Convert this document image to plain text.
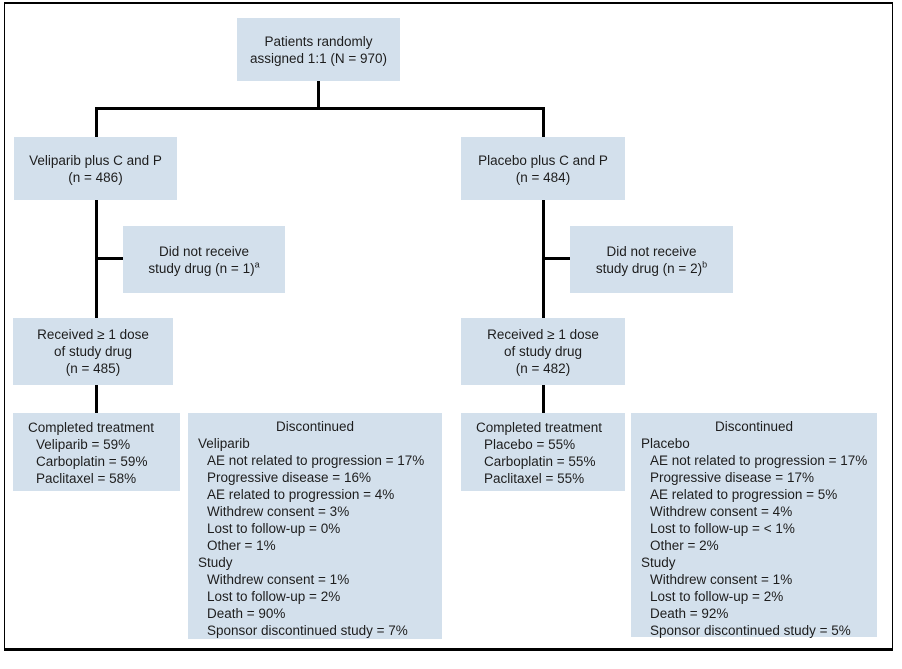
Patients randomly
assigned 1:1 (N = 970)
Veliparib plus C and P
(n = 486)
Placebo plus C and P
(n = 484)
Did not receive
study drug (n = 1)$^a$
Did not receive
study drug (n = 2)$^b$
Received ≥ 1 dose
of study drug
(n = 485)
Received ≥ 1 dose
of study drug
(n = 482)
Completed treatment
Veliparib = 59%
Carboplatin = 59%
Paclitaxel = 58%
Discontinued
Veliparib
AE not related to progression = 17%
Progressive disease = 16%
AE related to progression = 4%
Withdrew consent = 3%
Lost to follow-up = 0%
Other = 1%
Study
Withdrew consent = 1%
Lost to follow-up = 2%
Death = 90%
Sponsor discontinued study = 7%
Completed treatment
Placebo = 55%
Carboplatin = 55%
Paclitaxel = 55%
Discontinued
Placebo
AE not related to progression = 17%
Progressive disease = 17%
AE related to progression = 5%
Withdrew consent = 4%
Lost to follow-up = < 1%
Other = 2%
Study
Withdrew consent = 1%
Lost to follow-up = 2%
Death = 92%
Sponsor discontinued study = 5%
